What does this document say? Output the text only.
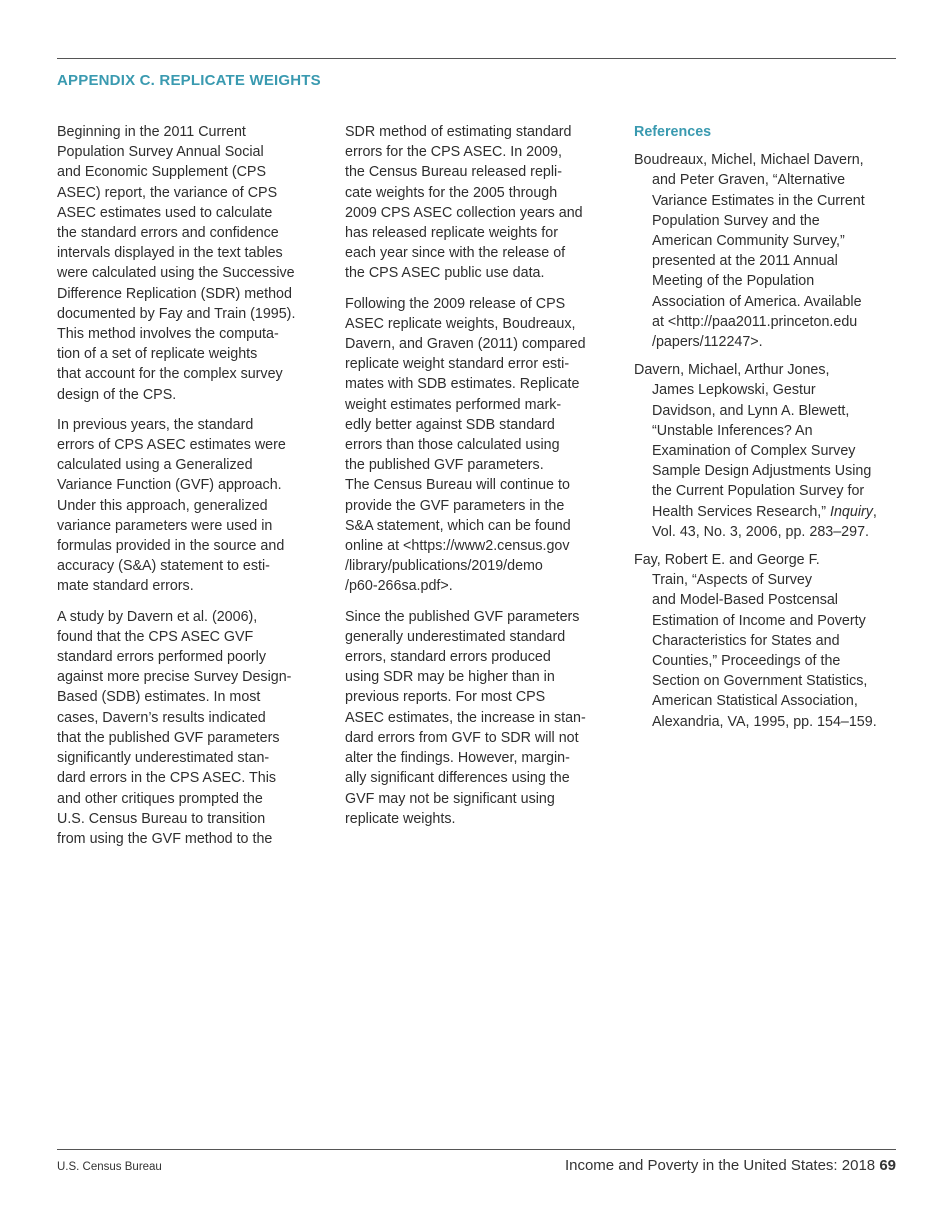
APPENDIX C. REPLICATE WEIGHTS

Beginning in the 2011 Current
Population Survey Annual Social
and Economic Supplement (CPS
ASEC) report, the variance of CPS
ASEC estimates used to calculate
the standard errors and confidence
intervals displayed in the text tables
were calculated using the Successive
Difference Replication (SDR) method
documented by Fay and Train (1995).
This method involves the computa-
tion of a set of replicate weights
that account for the complex survey
design of the CPS.

In previous years, the standard
errors of CPS ASEC estimates were
calculated using a Generalized
Variance Function (GVF) approach.
Under this approach, generalized
variance parameters were used in
formulas provided in the source and
accuracy (S&A) statement to esti-
mate standard errors.

A study by Davern et al. (2006),
found that the CPS ASEC GVF
standard errors performed poorly
against more precise Survey Design-
Based (SDB) estimates. In most
cases, Davern’s results indicated
that the published GVF parameters
significantly underestimated stan-
dard errors in the CPS ASEC. This
and other critiques prompted the
U.S. Census Bureau to transition
from using the GVF method to the

SDR method of estimating standard
errors for the CPS ASEC. In 2009,
the Census Bureau released repli-
cate weights for the 2005 through
2009 CPS ASEC collection years and
has released replicate weights for
each year since with the release of
the CPS ASEC public use data.

Following the 2009 release of CPS
ASEC replicate weights, Boudreaux,
Davern, and Graven (2011) compared
replicate weight standard error esti-
mates with SDB estimates. Replicate
weight estimates performed mark-
edly better against SDB standard
errors than those calculated using
the published GVF parameters.
The Census Bureau will continue to
provide the GVF parameters in the
S&A statement, which can be found
online at <https://www2.census.gov
/library/publications/2019/demo
/p60-266sa.pdf>.

Since the published GVF parameters
generally underestimated standard
errors, standard errors produced
using SDR may be higher than in
previous reports. For most CPS
ASEC estimates, the increase in stan-
dard errors from GVF to SDR will not
alter the findings. However, margin-
ally significant differences using the
GVF may not be significant using
replicate weights.

References
Boudreaux, Michel, Michael Davern,
and Peter Graven, “Alternative
Variance Estimates in the Current
Population Survey and the
American Community Survey,”
presented at the 2011 Annual
Meeting of the Population
Association of America. Available
at <http://paa2011.princeton.edu
/papers/112247>.
Davern, Michael, Arthur Jones,
James Lepkowski, Gestur
Davidson, and Lynn A. Blewett,
“Unstable Inferences? An
Examination of Complex Survey
Sample Design Adjustments Using
the Current Population Survey for
Health Services Research,” Inquiry,
Vol. 43, No. 3, 2006, pp. 283–297.
Fay, Robert E. and George F.
Train, “Aspects of Survey
and Model-Based Postcensal
Estimation of Income and Poverty
Characteristics for States and
Counties,” Proceedings of the
Section on Government Statistics,
American Statistical Association,
Alexandria, VA, 1995, pp. 154–159.
U.S. Census Bureau	Income and Poverty in the United States: 2018 69
